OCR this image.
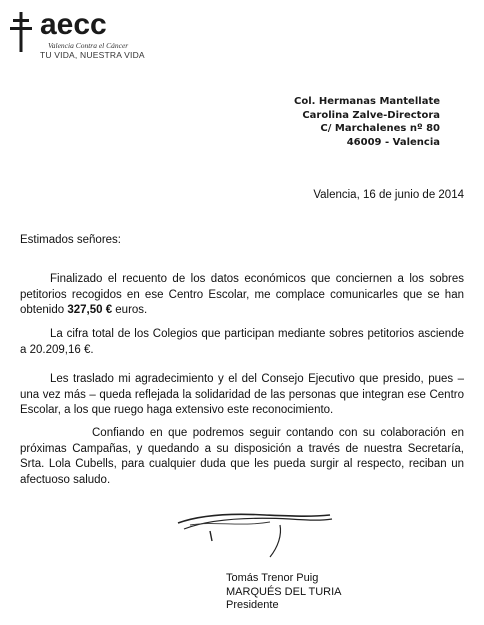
aecc
Valencia Contra el Cáncer
TU VIDA, NUESTRA VIDA
Col. Hermanas Mantellate
Carolina Zalve-Directora
C/ Marchalenes nº 80
46009 - Valencia
Valencia, 16 de junio de 2014
Estimados señores:

Finalizado el recuento de los datos económicos que conciernen a los sobres petitorios recogidos en ese Centro Escolar, me complace comunicarles que se han obtenido 327,50 € euros.

La cifra total de los Colegios que participan mediante sobres petitorios asciende a 20.209,16 €.

Les traslado mi agradecimiento y el del Consejo Ejecutivo que presido, pues – una vez más – queda reflejada la solidaridad de las personas que integran ese Centro Escolar, a los que ruego haga extensivo este reconocimiento.

Confiando en que podremos seguir contando con su colaboración en próximas Campañas, y quedando a su disposición a través de nuestra Secretaría, Srta. Lola Cubells, para cualquier duda que les pueda surgir al respecto, reciban un afectuoso saludo.

Tomás Trenor Puig
MARQUÉS DEL TURIA
Presidente
